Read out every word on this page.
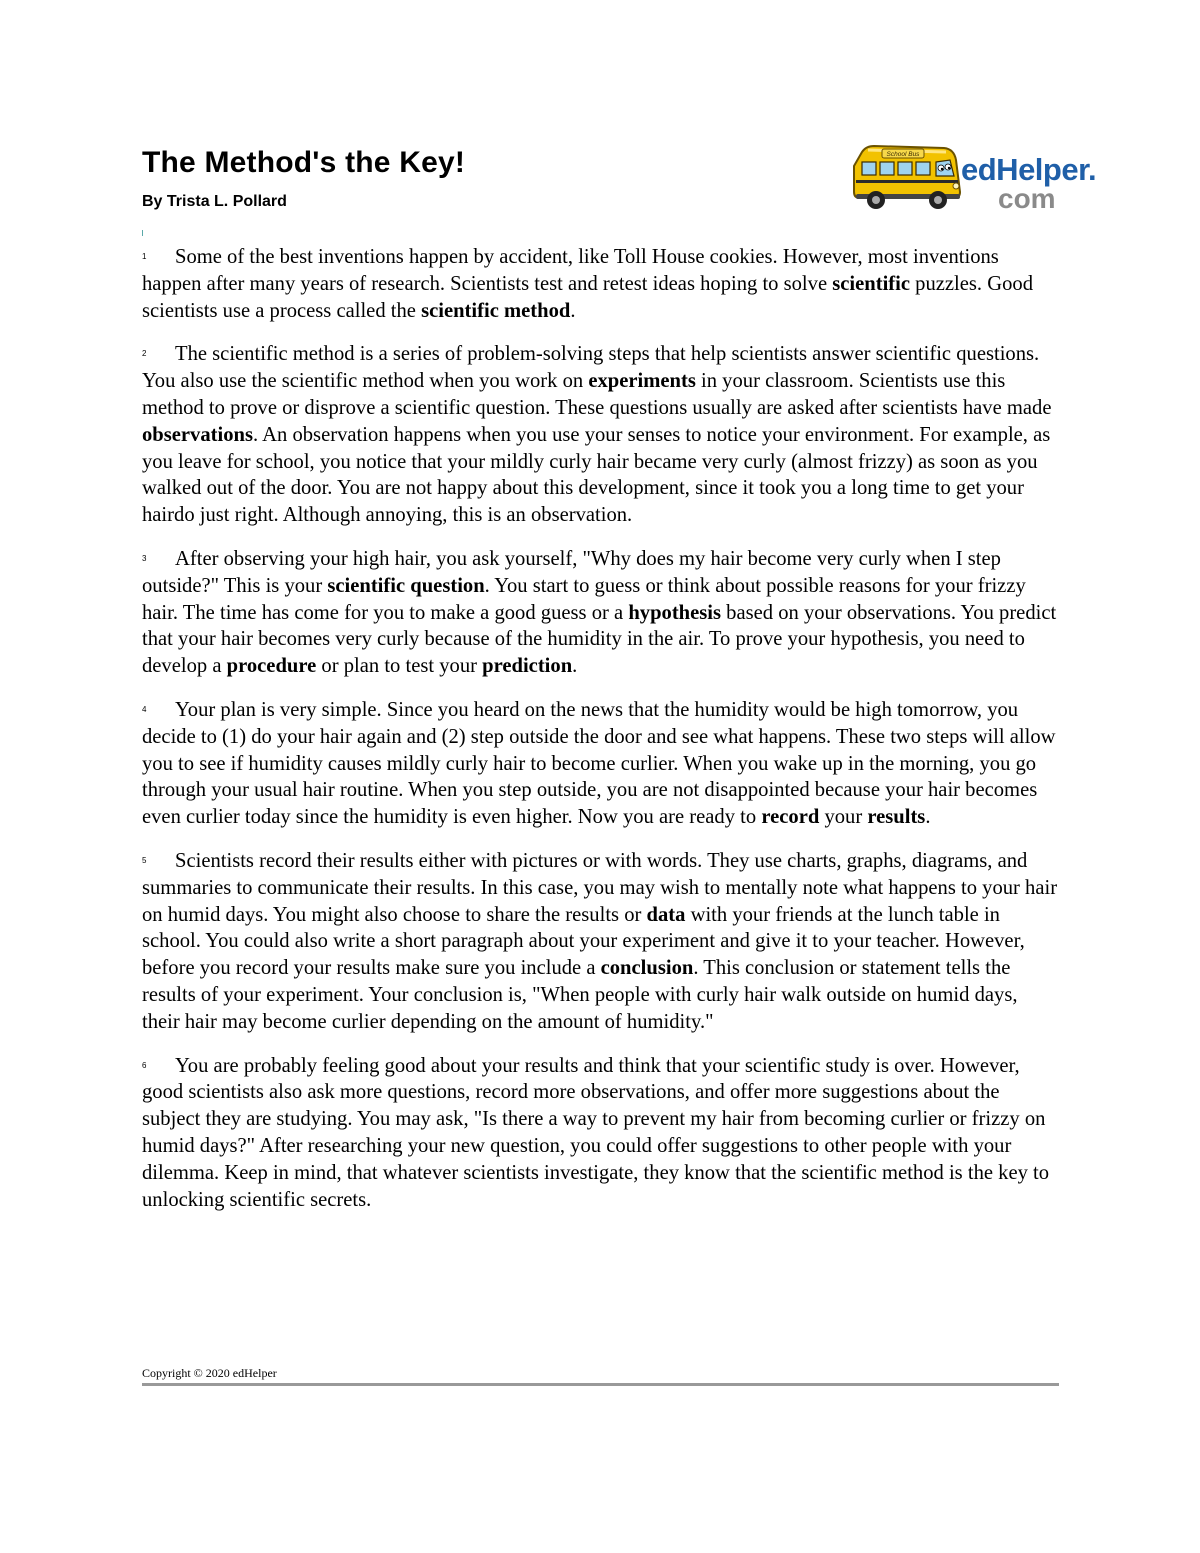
The Method's the Key!
By Trista L. Pollard
School Bus edHelper.
com

1 Some of the best inventions happen by accident, like Toll House cookies. However, most inventions happen after many years of research. Scientists test and retest ideas hoping to solve scientific puzzles. Good scientists use a process called the scientific method.

2 The scientific method is a series of problem-solving steps that help scientists answer scientific questions. You also use the scientific method when you work on experiments in your classroom. Scientists use this method to prove or disprove a scientific question. These questions usually are asked after scientists have made observations. An observation happens when you use your senses to notice your environment. For example, as you leave for school, you notice that your mildly curly hair became very curly (almost frizzy) as soon as you walked out of the door. You are not happy about this development, since it took you a long time to get your hairdo just right. Although annoying, this is an observation.

3 After observing your high hair, you ask yourself, "Why does my hair become very curly when I step outside?" This is your scientific question. You start to guess or think about possible reasons for your frizzy hair. The time has come for you to make a good guess or a hypothesis based on your observations. You predict that your hair becomes very curly because of the humidity in the air. To prove your hypothesis, you need to develop a procedure or plan to test your prediction.

4 Your plan is very simple. Since you heard on the news that the humidity would be high tomorrow, you decide to (1) do your hair again and (2) step outside the door and see what happens. These two steps will allow you to see if humidity causes mildly curly hair to become curlier. When you wake up in the morning, you go through your usual hair routine. When you step outside, you are not disappointed because your hair becomes even curlier today since the humidity is even higher. Now you are ready to record your results.

5 Scientists record their results either with pictures or with words. They use charts, graphs, diagrams, and summaries to communicate their results. In this case, you may wish to mentally note what happens to your hair on humid days. You might also choose to share the results or data with your friends at the lunch table in school. You could also write a short paragraph about your experiment and give it to your teacher. However, before you record your results make sure you include a conclusion. This conclusion or statement tells the results of your experiment. Your conclusion is, "When people with curly hair walk outside on humid days, their hair may become curlier depending on the amount of humidity."

6 You are probably feeling good about your results and think that your scientific study is over. However, good scientists also ask more questions, record more observations, and offer more suggestions about the subject they are studying. You may ask, "Is there a way to prevent my hair from becoming curlier or frizzy on humid days?" After researching your new question, you could offer suggestions to other people with your dilemma. Keep in mind, that whatever scientists investigate, they know that the scientific method is the key to unlocking scientific secrets.

Copyright © 2020 edHelper
